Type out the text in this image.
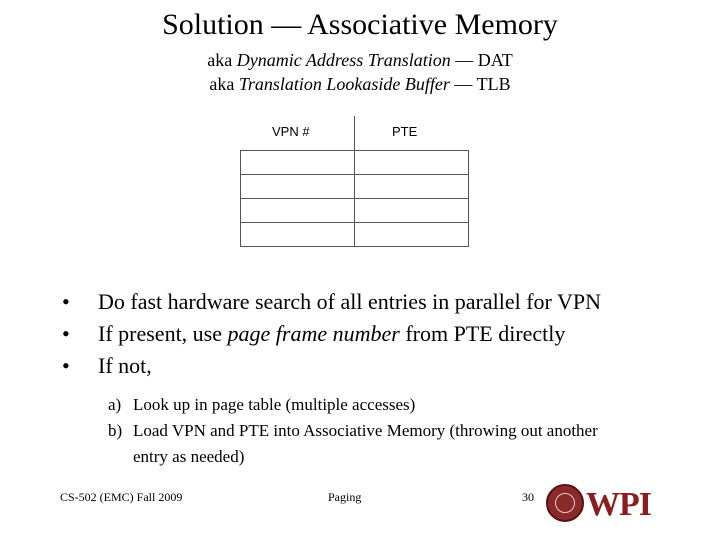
Solution — Associative Memory
aka Dynamic Address Translation — DAT
aka Translation Lookaside Buffer — TLB
VPN #	PTE

• Do fast hardware search of all entries in parallel for VPN
• If present, use page frame number from PTE directly
• If not,
a) Look up in page table (multiple accesses)
b) Load VPN and PTE into Associative Memory (throwing out another entry as needed)
CS-502 (EMC) Fall 2009	Paging	30 WPI
